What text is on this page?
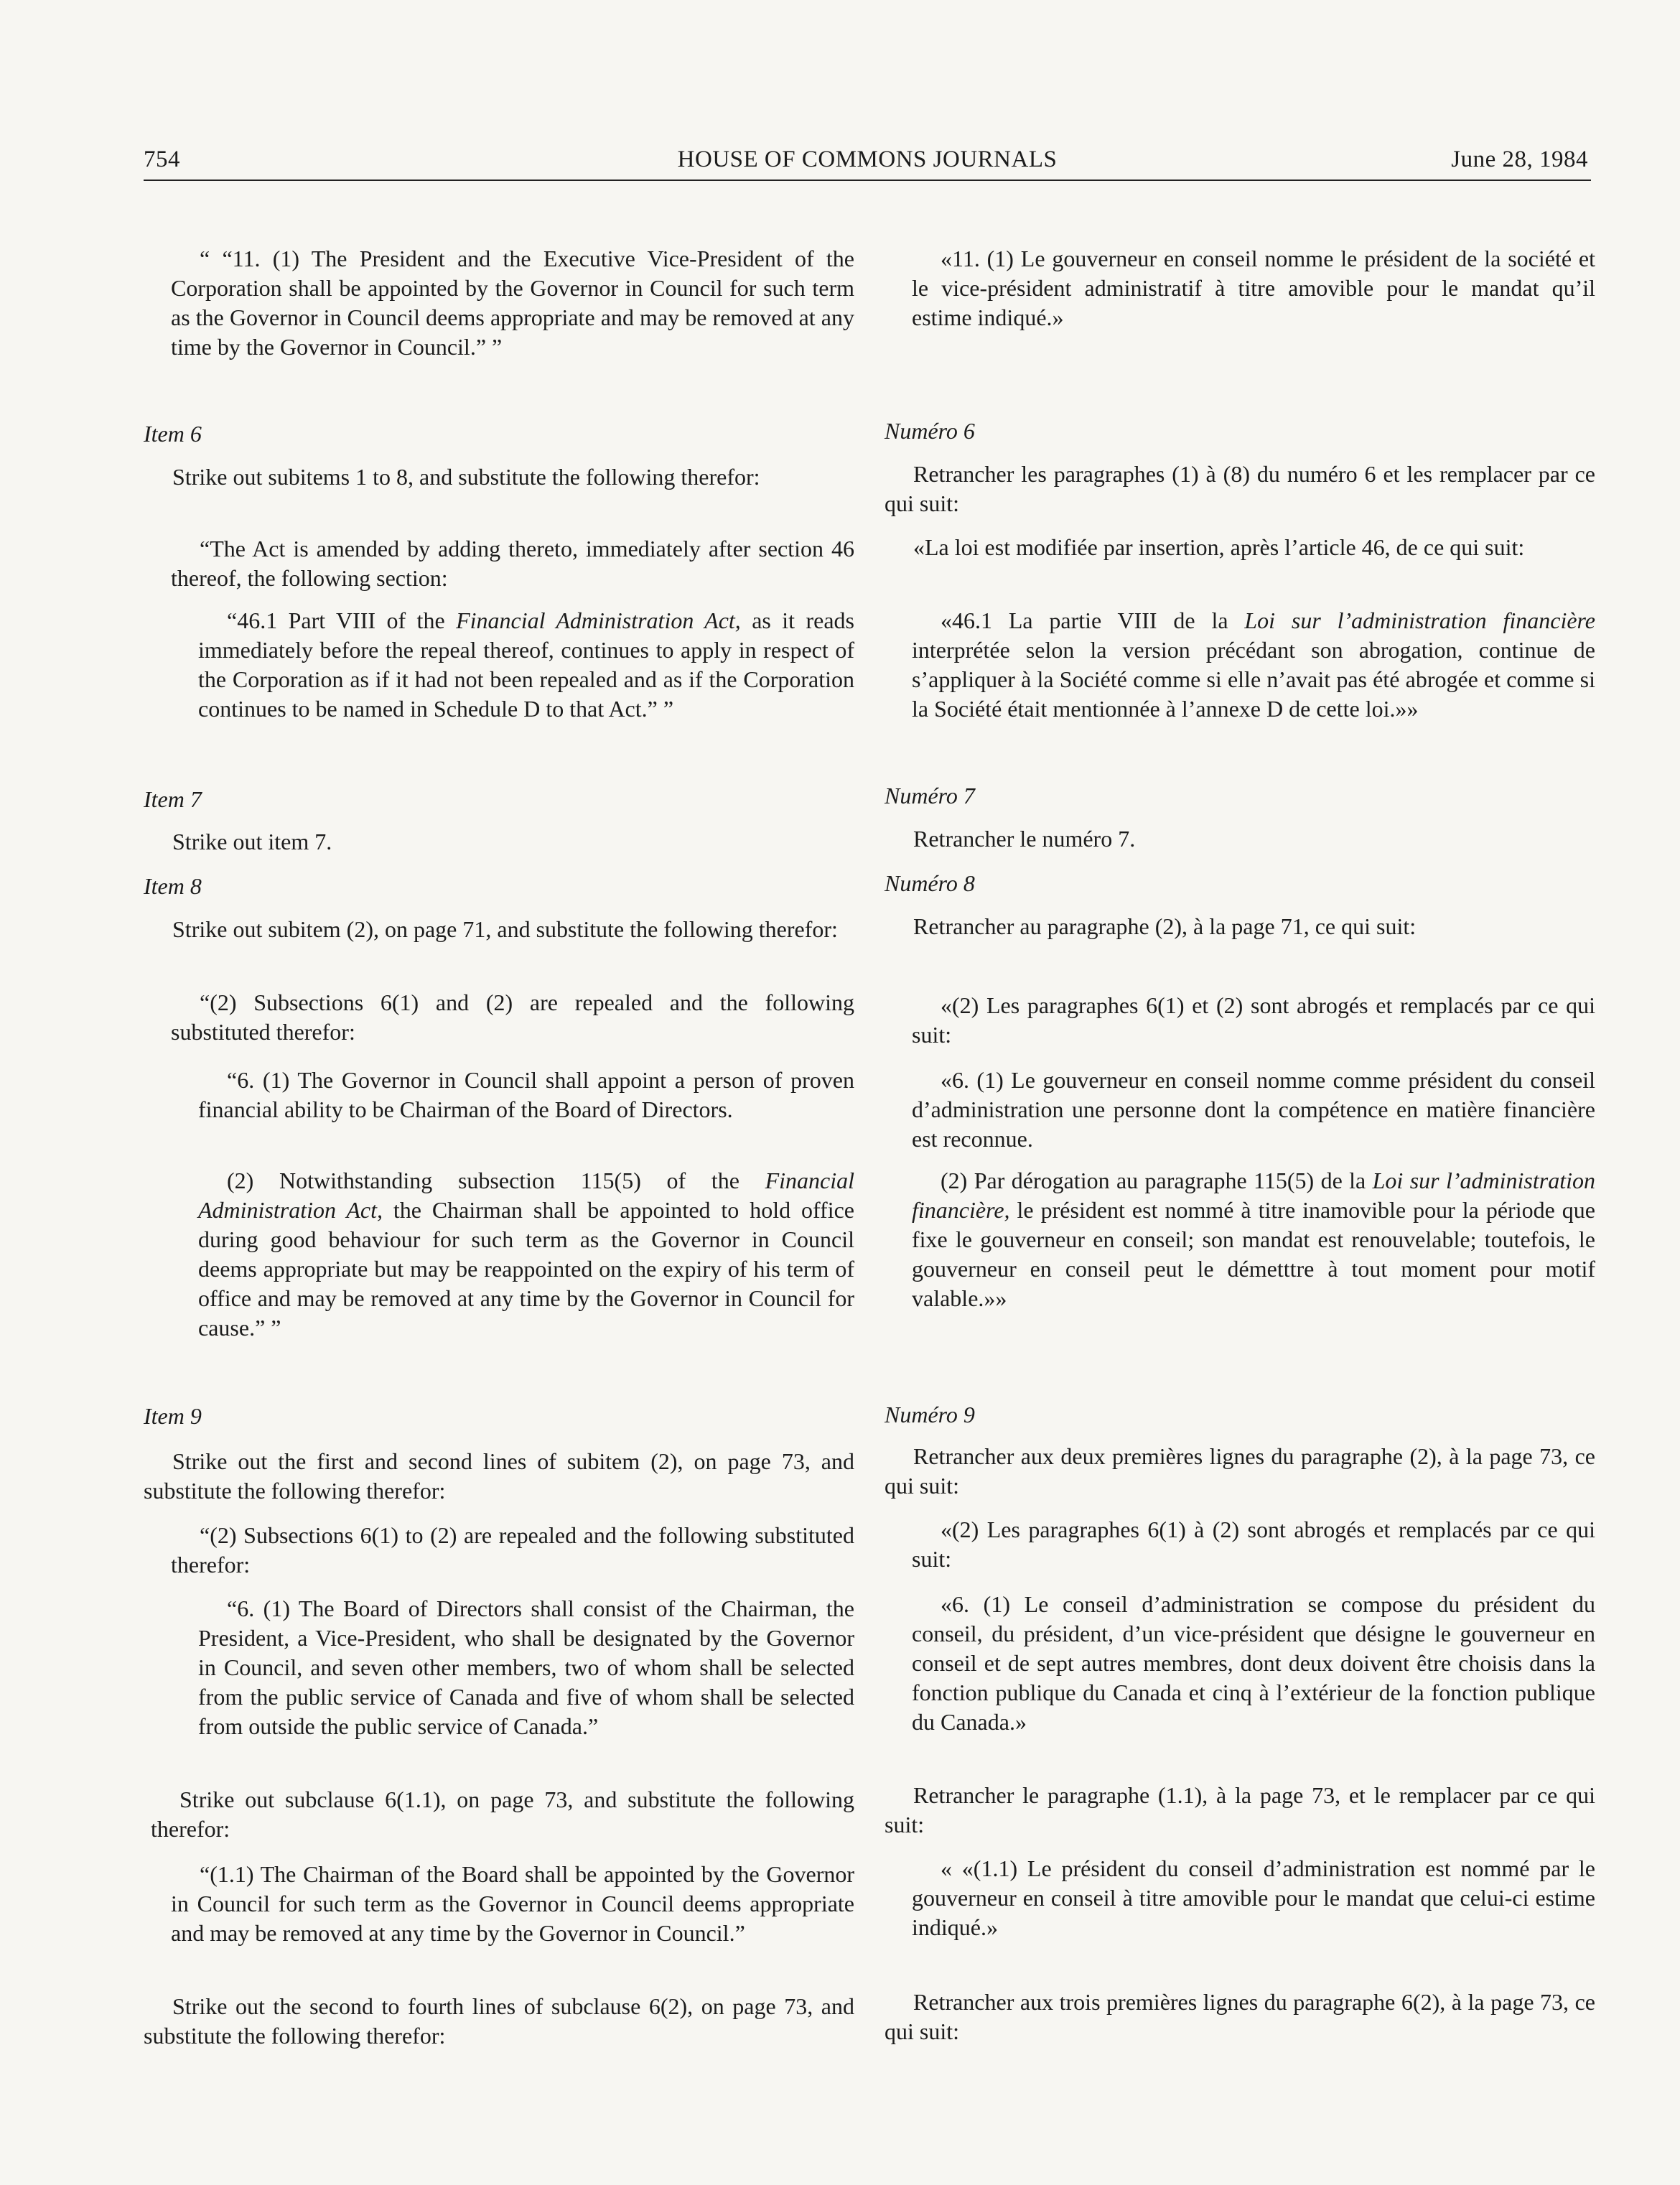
754	HOUSE OF COMMONS JOURNALS	June 28, 1984

“ “11. (1) The President and the Executive Vice-President of the Corporation shall be appointed by the Governor in Council for such term as the Governor in Council deems appropriate and may be removed at any time by the Governor in Council.” ”

Item 6

Strike out subitems 1 to 8, and substitute the following therefor:

“The Act is amended by adding thereto, immediately after section 46 thereof, the following section:

“46.1 Part VIII of the Financial Administration Act, as it reads immediately before the repeal thereof, continues to apply in respect of the Corporation as if it had not been repealed and as if the Corporation continues to be named in Schedule D to that Act.” ”

Item 7

Strike out item 7.

Item 8

Strike out subitem (2), on page 71, and substitute the following therefor:

“(2) Subsections 6(1) and (2) are repealed and the following substituted therefor:

“6. (1) The Governor in Council shall appoint a person of proven financial ability to be Chairman of the Board of Directors.

(2) Notwithstanding subsection 115(5) of the Financial Administration Act, the Chairman shall be appointed to hold office during good behaviour for such term as the Governor in Council deems appropriate but may be reappointed on the expiry of his term of office and may be removed at any time by the Governor in Council for cause.” ”

Item 9

Strike out the first and second lines of subitem (2), on page 73, and substitute the following therefor:

“(2) Subsections 6(1) to (2) are repealed and the following substituted therefor:

“6. (1) The Board of Directors shall consist of the Chairman, the President, a Vice-President, who shall be designated by the Governor in Council, and seven other members, two of whom shall be selected from the public service of Canada and five of whom shall be selected from outside the public service of Canada.”

Strike out subclause 6(1.1), on page 73, and substitute the following therefor:

“(1.1) The Chairman of the Board shall be appointed by the Governor in Council for such term as the Governor in Council deems appropriate and may be removed at any time by the Governor in Council.”

Strike out the second to fourth lines of subclause 6(2), on page 73, and substitute the following therefor:

«11. (1) Le gouverneur en conseil nomme le président de la société et le vice-président administratif à titre amovible pour le mandat qu’il estime indiqué.»

Numéro 6

Retrancher les paragraphes (1) à (8) du numéro 6 et les remplacer par ce qui suit:

«La loi est modifiée par insertion, après l’article 46, de ce qui suit:

«46.1 La partie VIII de la Loi sur l’administration financière interprétée selon la version précédant son abrogation, continue de s’appliquer à la Société comme si elle n’avait pas été abrogée et comme si la Société était mentionnée à l’annexe D de cette loi.»»

Numéro 7

Retrancher le numéro 7.

Numéro 8

Retrancher au paragraphe (2), à la page 71, ce qui suit:

«(2) Les paragraphes 6(1) et (2) sont abrogés et remplacés par ce qui suit:

«6. (1) Le gouverneur en conseil nomme comme président du conseil d’administration une personne dont la compétence en matière financière est reconnue.

(2) Par dérogation au paragraphe 115(5) de la Loi sur l’administration financière, le président est nommé à titre inamovible pour la période que fixe le gouverneur en conseil; son mandat est renouvelable; toutefois, le gouverneur en conseil peut le démetttre à tout moment pour motif valable.»»

Numéro 9

Retrancher aux deux premières lignes du paragraphe (2), à la page 73, ce qui suit:

«(2) Les paragraphes 6(1) à (2) sont abrogés et remplacés par ce qui suit:

«6. (1) Le conseil d’administration se compose du président du conseil, du président, d’un vice-président que désigne le gouverneur en conseil et de sept autres membres, dont deux doivent être choisis dans la fonction publique du Canada et cinq à l’extérieur de la fonction publique du Canada.»

Retrancher le paragraphe (1.1), à la page 73, et le remplacer par ce qui suit:

« «(1.1) Le président du conseil d’administration est nommé par le gouverneur en conseil à titre amovible pour le mandat que celui-ci estime indiqué.»

Retrancher aux trois premières lignes du paragraphe 6(2), à la page 73, ce qui suit:
